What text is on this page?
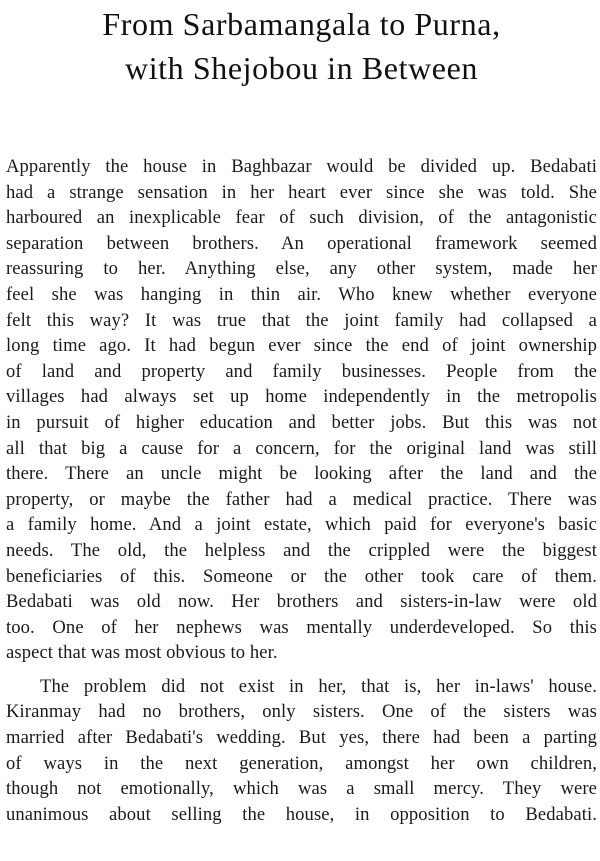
From Sarbamangala to Purna,
with Shejobou in Between
Apparently the house in Baghbazar would be divided up. Bedabati
had a strange sensation in her heart ever since she was told. She
harboured an inexplicable fear of such division, of the antagonistic
separation between brothers. An operational framework seemed
reassuring to her. Anything else, any other system, made her
feel she was hanging in thin air. Who knew whether everyone
felt this way? It was true that the joint family had collapsed a
long time ago. It had begun ever since the end of joint ownership
of land and property and family businesses. People from the
villages had always set up home independently in the metropolis
in pursuit of higher education and better jobs. But this was not
all that big a cause for a concern, for the original land was still
there. There an uncle might be looking after the land and the
property, or maybe the father had a medical practice. There was
a family home. And a joint estate, which paid for everyone's basic
needs. The old, the helpless and the crippled were the biggest
beneficiaries of this. Someone or the other took care of them.
Bedabati was old now. Her brothers and sisters-in-law were old
too. One of her nephews was mentally underdeveloped. So this
aspect that was most obvious to her.
The problem did not exist in her, that is, her in-laws' house.
Kiranmay had no brothers, only sisters. One of the sisters was
married after Bedabati's wedding. But yes, there had been a parting
of ways in the next generation, amongst her own children,
though not emotionally, which was a small mercy. They were
unanimous about selling the house, in opposition to Bedabati.
